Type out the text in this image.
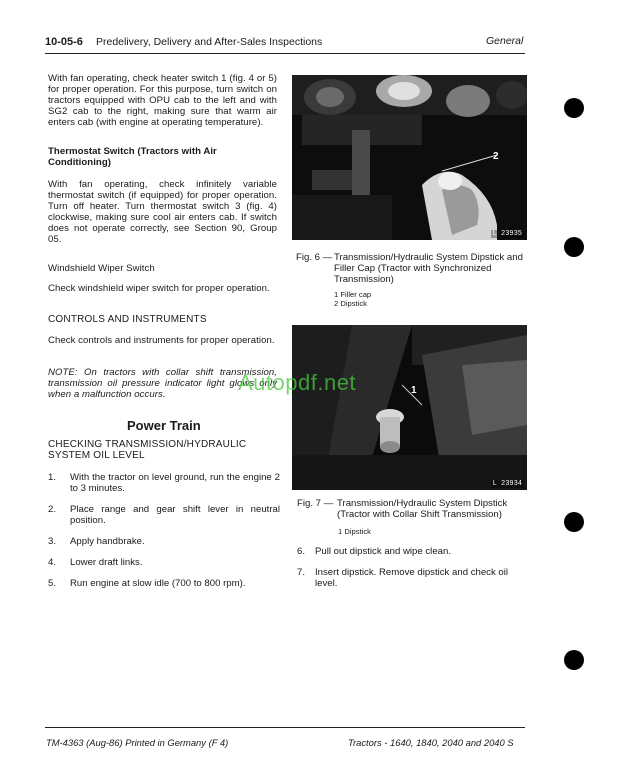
10-05-6 Predelivery, Delivery and After-Sales Inspections	General
With fan operating, check heater switch 1 (fig. 4 or 5) for proper operation. For this purpose, turn switch on tractors equipped with OPU cab to the left and with SG2 cab to the right, making sure that warm air enters cab (with engine at operating temperature).
Thermostat Switch (Tractors with Air Conditioning)
With fan operating, check infinitely variable thermostat switch (if equipped) for proper operation. Turn off heater. Turn thermostat switch 3 (fig. 4) clockwise, making sure cool air enters cab. If switch does not operate correctly, see Section 90, Group 05.
Windshield Wiper Switch
Check windshield wiper switch for proper operation.
CONTROLS AND INSTRUMENTS
Check controls and instruments for proper operation.
NOTE: On tractors with collar shift transmission, transmission oil pressure indicator light glows only when a malfunction occurs.
Power Train
CHECKING TRANSMISSION/HYDRAULIC SYSTEM OIL LEVEL
1.	With the tractor on level ground, run the engine 2 to 3 minutes.
2.	Place range and gear shift lever in neutral position.
3.	Apply handbrake.
4.	Lower draft links.
5.	Run engine at slow idle (700 to 800 rpm).
2
L 23935
Fig. 6 — Transmission/Hydraulic System Dipstick and Filler Cap (Tractor with Synchronized Transmission)
1 Filler cap
2 Dipstick
1
L 23934
Fig. 7 — Transmission/Hydraulic System Dipstick (Tractor with Collar Shift Transmission)
1 Dipstick
6.	Pull out dipstick and wipe clean.
7.	Insert dipstick. Remove dipstick and check oil level.
Autopdf.net
TM-4363 (Aug-86) Printed in Germany (F 4)	Tractors - 1640, 1840, 2040 and 2040 S
